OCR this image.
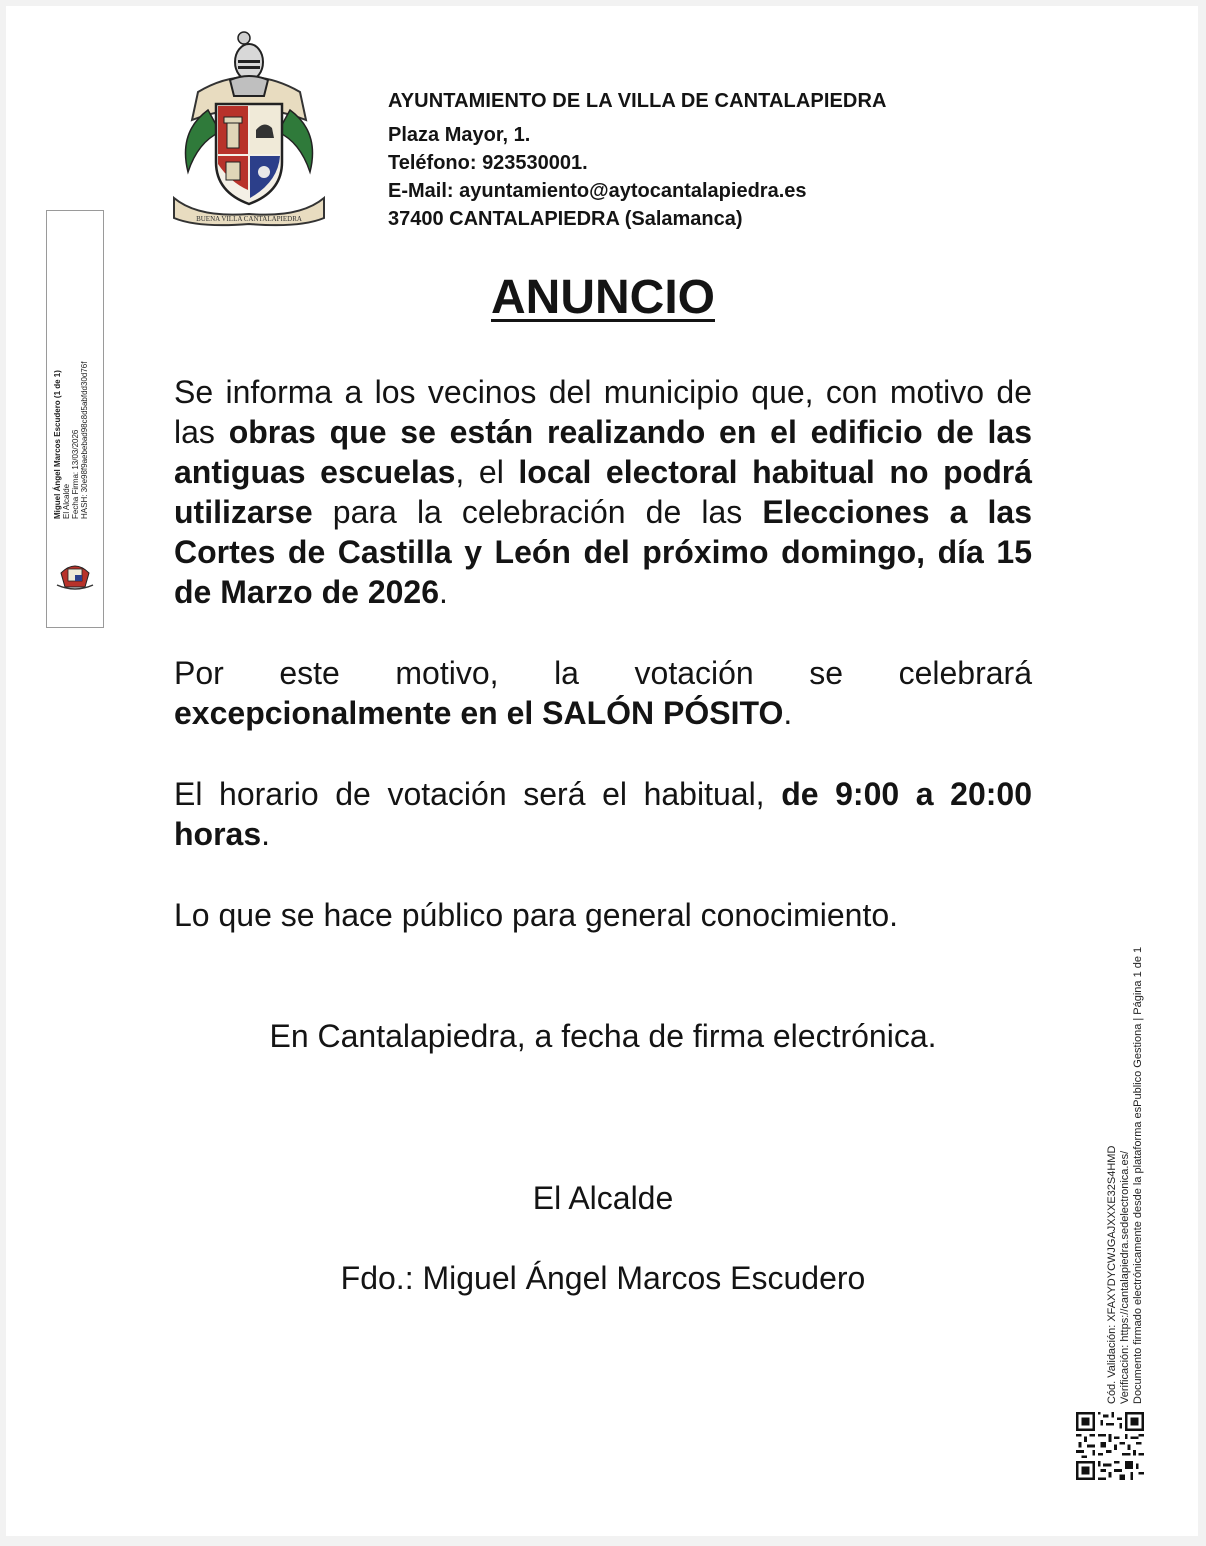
BUENA VILLA CANTALAPIEDRA
AYUNTAMIENTO DE LA VILLA DE CANTALAPIEDRA
Plaza Mayor, 1.
Teléfono: 923530001.
E-Mail: ayuntamiento@aytocantalapiedra.es
37400 CANTALAPIEDRA (Salamanca)
ANUNCIO
Se informa a los vecinos del municipio que, con motivo de las obras que se están realizando en el edificio de las antiguas escuelas, el local electoral habitual no podrá utilizarse para la celebración de las Elecciones a las Cortes de Castilla y León del próximo domingo, día 15 de Marzo de 2026.
Por este motivo, la votación se celebrará excepcionalmente en el SALÓN PÓSITO.
El horario de votación será el habitual, de 9:00 a 20:00 horas.
Lo que se hace público para general conocimiento.
En Cantalapiedra, a fecha de firma electrónica.
El Alcalde
Fdo.: Miguel Ángel Marcos Escudero
Miguel Ángel Marcos Escudero (1 de 1) El Alcalde Fecha Firma: 13/03/2026 HASH: 30e98f9aebebad98c8d5abfdd30d76f
Cód. Validación: XFAXYDYCWJGAJXXXE32S4HMD Verificación: https://cantalapiedra.sedelectronica.es/ Documento firmado electrónicamente desde la plataforma esPublico Gestiona | Página 1 de 1
